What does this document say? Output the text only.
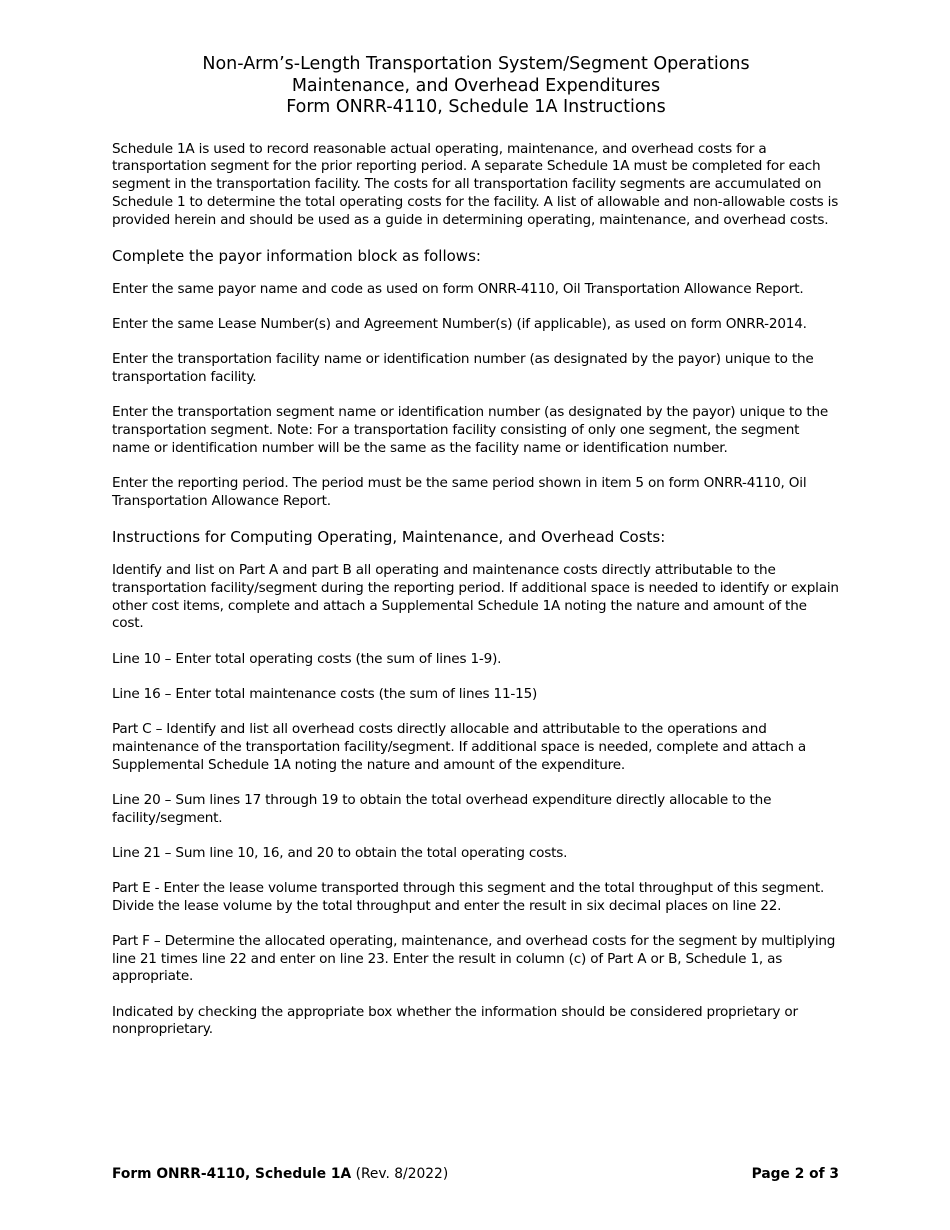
Non-Arm’s-Length Transportation System/Segment Operations
Maintenance, and Overhead Expenditures
Form ONRR-4110, Schedule 1A Instructions

Schedule 1A is used to record reasonable actual operating, maintenance, and overhead costs for a transportation segment for the prior reporting period. A separate Schedule 1A must be completed for each segment in the transportation facility. The costs for all transportation facility segments are accumulated on Schedule 1 to determine the total operating costs for the facility. A list of allowable and non-allowable costs is provided herein and should be used as a guide in determining operating, maintenance, and overhead costs.

Complete the payor information block as follows:

Enter the same payor name and code as used on form ONRR-4110, Oil Transportation Allowance Report.

Enter the same Lease Number(s) and Agreement Number(s) (if applicable), as used on form ONRR-2014.

Enter the transportation facility name or identification number (as designated by the payor) unique to the transportation facility.

Enter the transportation segment name or identification number (as designated by the payor) unique to the transportation segment. Note: For a transportation facility consisting of only one segment, the segment name or identification number will be the same as the facility name or identification number.

Enter the reporting period. The period must be the same period shown in item 5 on form ONRR-4110, Oil Transportation Allowance Report.

Instructions for Computing Operating, Maintenance, and Overhead Costs:

Identify and list on Part A and part B all operating and maintenance costs directly attributable to the transportation facility/segment during the reporting period. If additional space is needed to identify or explain other cost items, complete and attach a Supplemental Schedule 1A noting the nature and amount of the cost.

Line 10 – Enter total operating costs (the sum of lines 1-9).

Line 16 – Enter total maintenance costs (the sum of lines 11-15)

Part C – Identify and list all overhead costs directly allocable and attributable to the operations and maintenance of the transportation facility/segment. If additional space is needed, complete and attach a Supplemental Schedule 1A noting the nature and amount of the expenditure.

Line 20 – Sum lines 17 through 19 to obtain the total overhead expenditure directly allocable to the facility/segment.

Line 21 – Sum line 10, 16, and 20 to obtain the total operating costs.

Part E - Enter the lease volume transported through this segment and the total throughput of this segment. Divide the lease volume by the total throughput and enter the result in six decimal places on line 22.

Part F – Determine the allocated operating, maintenance, and overhead costs for the segment by multiplying line 21 times line 22 and enter on line 23. Enter the result in column (c) of Part A or B, Schedule 1, as appropriate.

Indicated by checking the appropriate box whether the information should be considered proprietary or nonproprietary.

Form ONRR-4110, Schedule 1A (Rev. 8/2022)	Page 2 of 3
